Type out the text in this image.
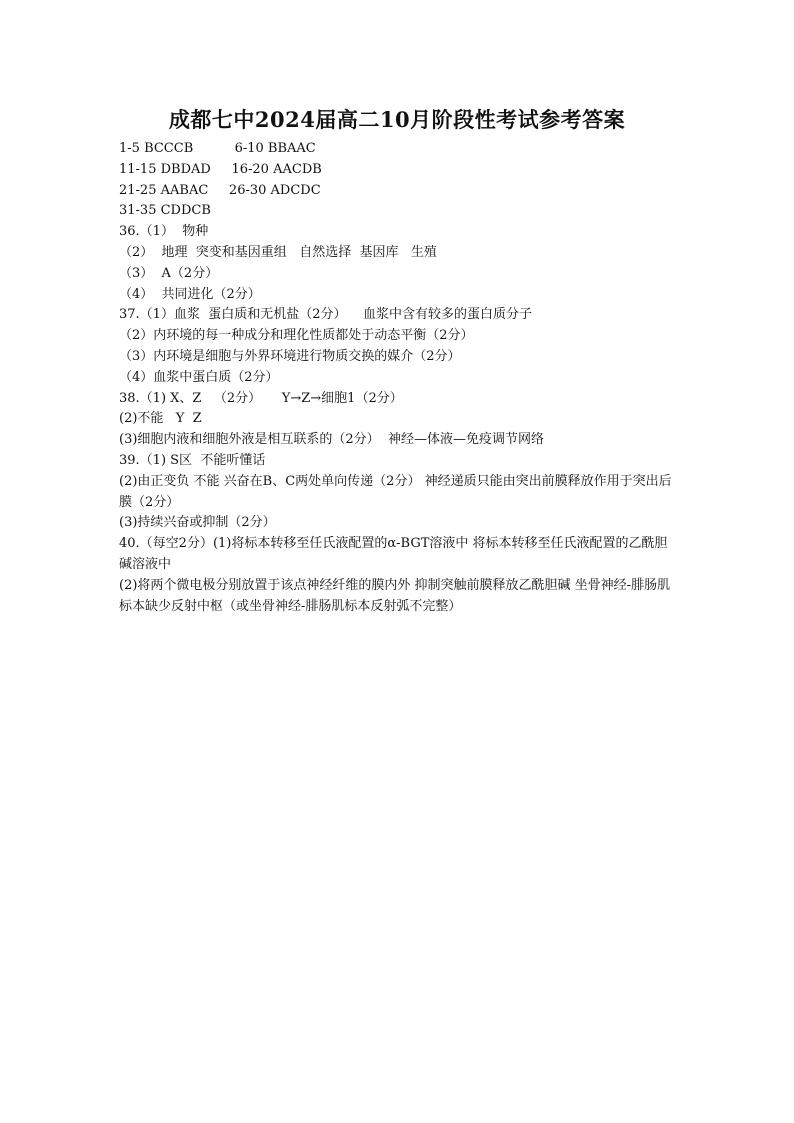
成都七中2024届高二10月阶段性考试参考答案
1-5 BCCCB          6-10 BBAAC
11-15 DBDAD     16-20 AACDB
21-25 AABAC     26-30 ADCDC
31-35 CDDCB
36.（1）  物种
（2）  地理  突变和基因重组   自然选择  基因库   生殖
（3）  A（2分）
（4）  共同进化（2分）
37.（1）血浆  蛋白质和无机盐（2分）    血浆中含有较多的蛋白质分子
（2）内环境的每一种成分和理化性质都处于动态平衡（2分）
（3）内环境是细胞与外界环境进行物质交换的媒介（2分）
（4）血浆中蛋白质（2分）
38.（1) X、Z   （2分）     Y→Z→细胞1（2分）
(2)不能   Y  Z
(3)细胞内液和细胞外液是相互联系的（2分）  神经—体液—免疫调节网络
39.（1) S区  不能听懂话
(2)由正变负 不能 兴奋在B、C两处单向传递（2分） 神经递质只能由突出前膜释放作用于突出后膜（2分）
(3)持续兴奋或抑制（2分）
40.（每空2分）(1)将标本转移至任氏液配置的α-BGT溶液中 将标本转移至任氏液配置的乙酰胆碱溶液中
(2)将两个微电极分别放置于该点神经纤维的膜内外 抑制突触前膜释放乙酰胆碱 坐骨神经-腓肠肌标本缺少反射中枢（或坐骨神经-腓肠肌标本反射弧不完整）
